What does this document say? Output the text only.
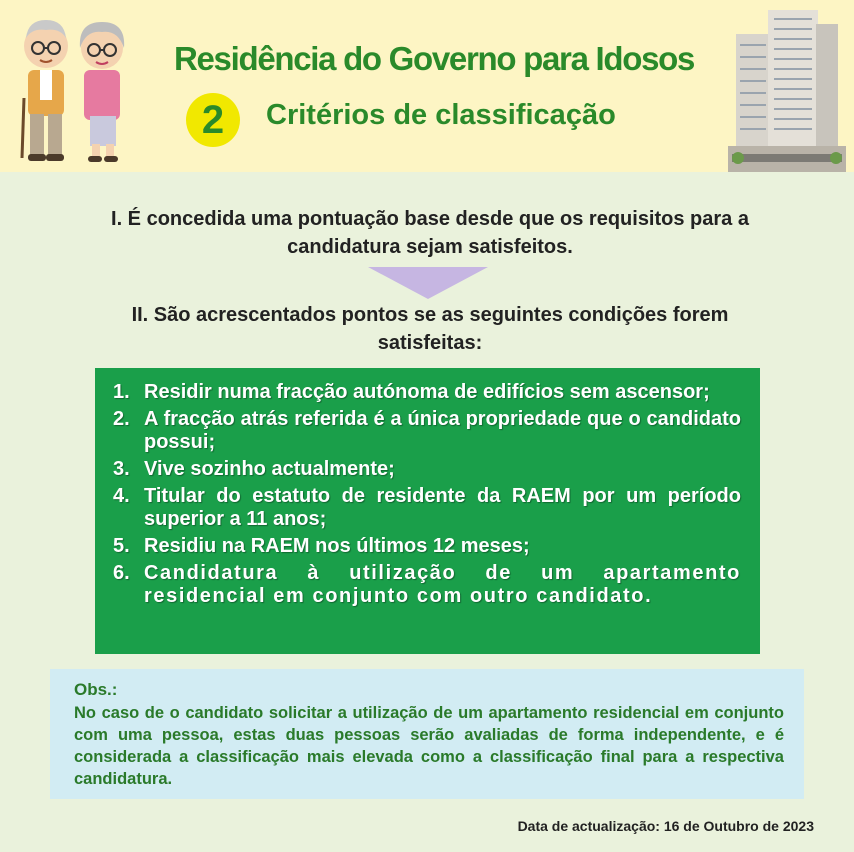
Residência do Governo para Idosos
2	Critérios de classificação
I. É concedida uma pontuação base desde que os requisitos para a candidatura sejam satisfeitos.
II. São acrescentados pontos se as seguintes condições forem satisfeitas:
1. Residir numa fracção autónoma de edifícios sem ascensor;
2. A fracção atrás referida é a única propriedade que o candidato possui;
3. Vive sozinho actualmente;
4. Titular do estatuto de residente da RAEM por um período superior a 11 anos;
5. Residiu na RAEM nos últimos 12 meses;
6. Candidatura à utilização de um apartamento residencial em conjunto com outro candidato.
Obs.:
No caso de o candidato solicitar a utilização de um apartamento residencial em conjunto com uma pessoa, estas duas pessoas serão avaliadas de forma independente, e é considerada a classificação mais elevada como a classificação final para a respectiva candidatura.
Data de actualização: 16 de Outubro de 2023
